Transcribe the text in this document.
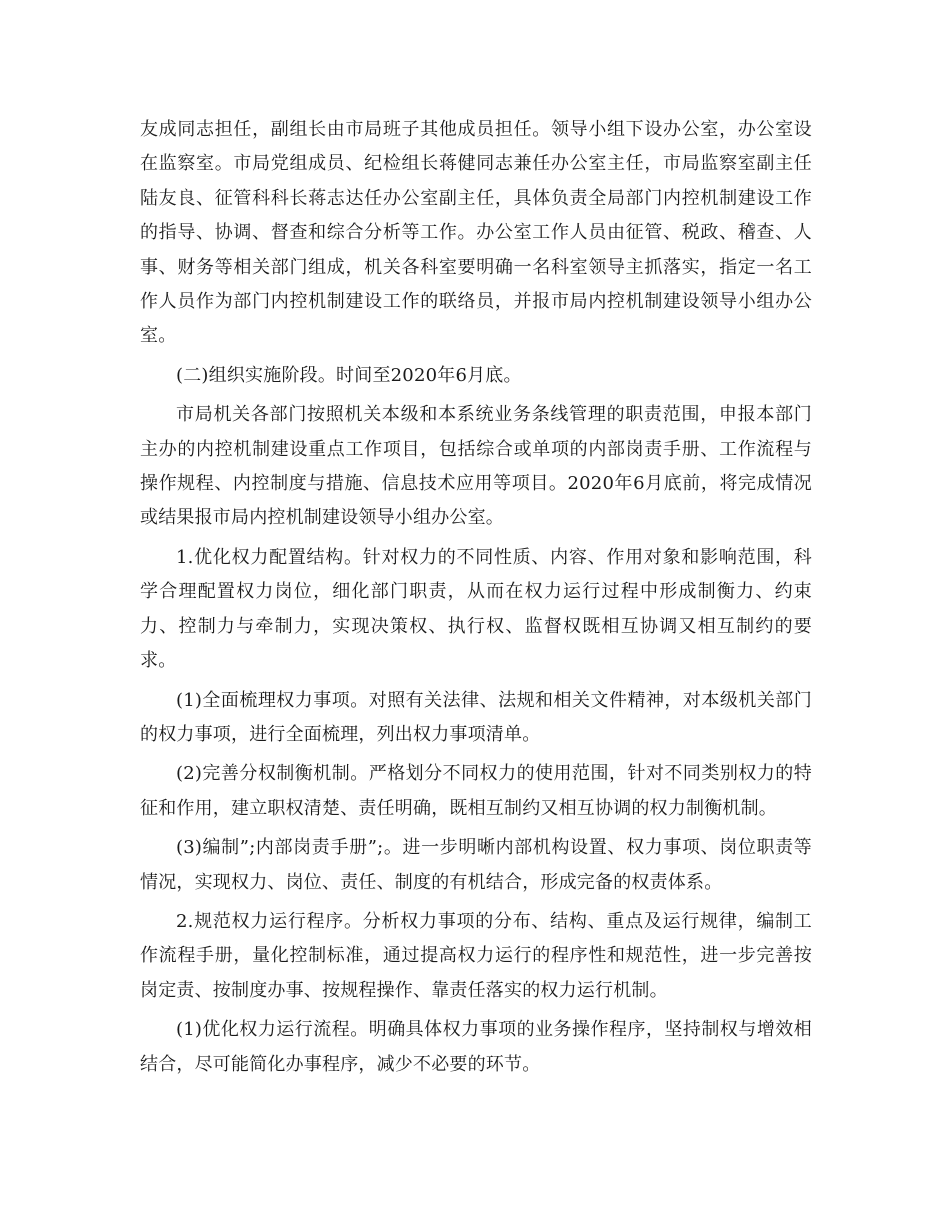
友成同志担任，副组长由市局班子其他成员担任。领导小组下设办公室，办公室设在监察室。市局党组成员、纪检组长蒋健同志兼任办公室主任，市局监察室副主任陆友良、征管科科长蒋志达任办公室副主任，具体负责全局部门内控机制建设工作的指导、协调、督查和综合分析等工作。办公室工作人员由征管、税政、稽查、人事、财务等相关部门组成，机关各科室要明确一名科室领导主抓落实，指定一名工作人员作为部门内控机制建设工作的联络员，并报市局内控机制建设领导小组办公室。

(二)组织实施阶段。时间至2020年6月底。

市局机关各部门按照机关本级和本系统业务条线管理的职责范围，申报本部门主办的内控机制建设重点工作项目，包括综合或单项的内部岗责手册、工作流程与操作规程、内控制度与措施、信息技术应用等项目。2020年6月底前，将完成情况或结果报市局内控机制建设领导小组办公室。

1.优化权力配置结构。针对权力的不同性质、内容、作用对象和影响范围，科学合理配置权力岗位，细化部门职责，从而在权力运行过程中形成制衡力、约束力、控制力与牵制力，实现决策权、执行权、监督权既相互协调又相互制约的要求。

(1)全面梳理权力事项。对照有关法律、法规和相关文件精神，对本级机关部门的权力事项，进行全面梳理，列出权力事项清单。

(2)完善分权制衡机制。严格划分不同权力的使用范围，针对不同类别权力的特征和作用，建立职权清楚、责任明确，既相互制约又相互协调的权力制衡机制。

(3)编制”;内部岗责手册”;。进一步明晰内部机构设置、权力事项、岗位职责等情况，实现权力、岗位、责任、制度的有机结合，形成完备的权责体系。

2.规范权力运行程序。分析权力事项的分布、结构、重点及运行规律，编制工作流程手册，量化控制标准，通过提高权力运行的程序性和规范性，进一步完善按岗定责、按制度办事、按规程操作、靠责任落实的权力运行机制。

(1)优化权力运行流程。明确具体权力事项的业务操作程序，坚持制权与增效相结合，尽可能简化办事程序，减少不必要的环节。
